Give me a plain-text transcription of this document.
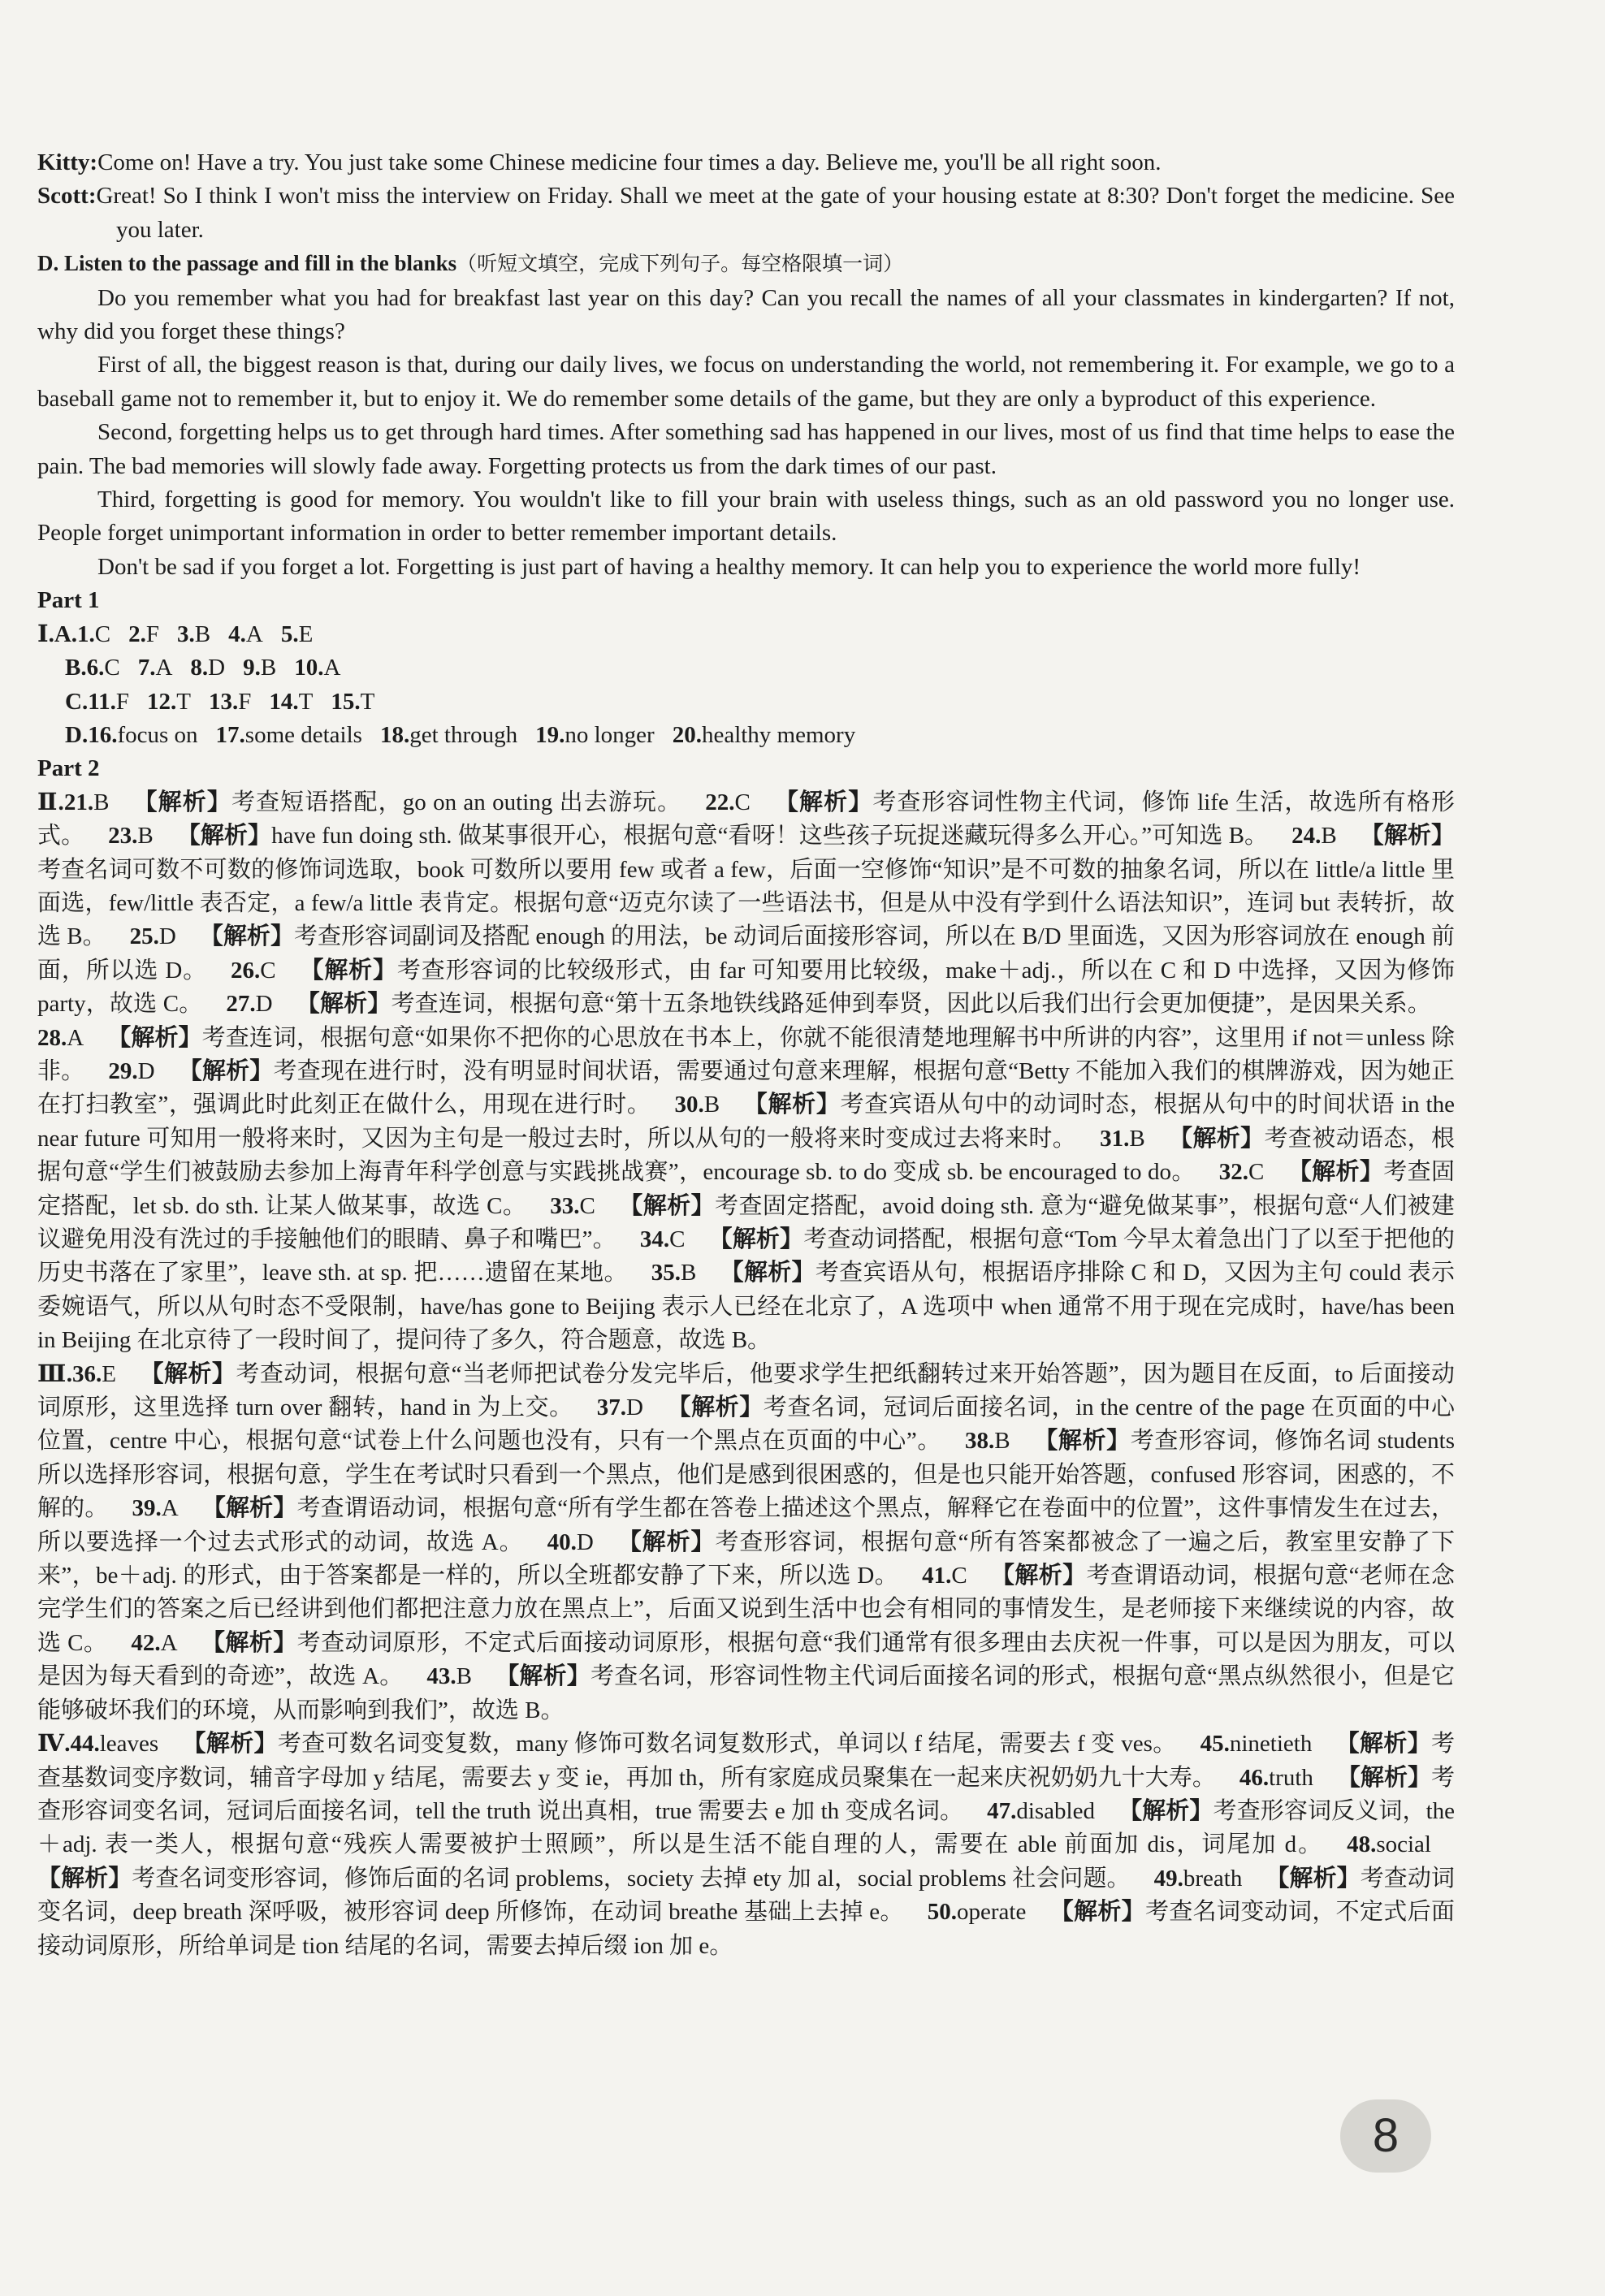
Kitty:Come on! Have a try. You just take some Chinese medicine four times a day. Believe me, you'll be all right soon.
Scott:Great! So I think I won't miss the interview on Friday. Shall we meet at the gate of your housing estate at 8:30? Don't forget the medicine. See you later.
D. Listen to the passage and fill in the blanks（听短文填空，完成下列句子。每空格限填一词）
Do you remember what you had for breakfast last year on this day? Can you recall the names of all your classmates in kindergarten? If not, why did you forget these things?
First of all, the biggest reason is that, during our daily lives, we focus on understanding the world, not remembering it. For example, we go to a baseball game not to remember it, but to enjoy it. We do remember some details of the game, but they are only a byproduct of this experience.
Second, forgetting helps us to get through hard times. After something sad has happened in our lives, most of us find that time helps to ease the pain. The bad memories will slowly fade away. Forgetting protects us from the dark times of our past.
Third, forgetting is good for memory. You wouldn't like to fill your brain with useless things, such as an old password you no longer use. People forget unimportant information in order to better remember important details.
Don't be sad if you forget a lot. Forgetting is just part of having a healthy memory. It can help you to experience the world more fully!
Part 1
Ⅰ.A.1.C 2.F 3.B 4.A 5.E
B.6.C 7.A 8.D 9.B 10.A
C.11.F 12.T 13.F 14.T 15.T
D.16.focus on 17.some details 18.get through 19.no longer 20.healthy memory
Part 2
Ⅱ.21.B  【解析】考查短语搭配，go on an outing 出去游玩。  22.C  【解析】考查形容词性物主代词，修饰 life 生活，故选所有格形式。  23.B  【解析】have fun doing sth. 做某事很开心，根据句意“看呀！这些孩子玩捉迷藏玩得多么开心。”可知选 B。  24.B  【解析】考查名词可数不可数的修饰词选取，book 可数所以要用 few 或者 a few，后面一空修饰“知识”是不可数的抽象名词，所以在 little/a little 里面选，few/little 表否定，a few/a little 表肯定。根据句意“迈克尔读了一些语法书，但是从中没有学到什么语法知识”，连词 but 表转折，故选 B。  25.D  【解析】考查形容词副词及搭配 enough 的用法，be 动词后面接形容词，所以在 B/D 里面选，又因为形容词放在 enough 前面，所以选 D。  26.C  【解析】考查形容词的比较级形式，由 far 可知要用比较级，make＋adj.，所以在 C 和 D 中选择，又因为修饰 party，故选 C。  27.D  【解析】考查连词，根据句意“第十五条地铁线路延伸到奉贤，因此以后我们出行会更加便捷”，是因果关系。 28.A  【解析】考查连词，根据句意“如果你不把你的心思放在书本上，你就不能很清楚地理解书中所讲的内容”，这里用 if not＝unless 除非。  29.D  【解析】考查现在进行时，没有明显时间状语，需要通过句意来理解，根据句意“Betty 不能加入我们的棋牌游戏，因为她正在打扫教室”，强调此时此刻正在做什么，用现在进行时。  30.B  【解析】考查宾语从句中的动词时态，根据从句中的时间状语 in the near future 可知用一般将来时，又因为主句是一般过去时，所以从句的一般将来时变成过去将来时。  31.B  【解析】考查被动语态，根据句意“学生们被鼓励去参加上海青年科学创意与实践挑战赛”，encourage sb. to do 变成 sb. be encouraged to do。  32.C  【解析】考查固定搭配，let sb. do sth. 让某人做某事，故选 C。  33.C  【解析】考查固定搭配，avoid doing sth. 意为“避免做某事”，根据句意“人们被建议避免用没有洗过的手接触他们的眼睛、鼻子和嘴巴”。  34.C  【解析】考查动词搭配，根据句意“Tom 今早太着急出门了以至于把他的历史书落在了家里”，leave sth. at sp. 把……遗留在某地。  35.B  【解析】考查宾语从句，根据语序排除 C 和 D，又因为主句 could 表示委婉语气，所以从句时态不受限制，have/has gone to Beijing 表示人已经在北京了，A 选项中 when 通常不用于现在完成时，have/has been in Beijing 在北京待了一段时间了，提问待了多久，符合题意，故选 B。
Ⅲ.36.E  【解析】考查动词，根据句意“当老师把试卷分发完毕后，他要求学生把纸翻转过来开始答题”，因为题目在反面，to 后面接动词原形，这里选择 turn over 翻转，hand in 为上交。  37.D  【解析】考查名词，冠词后面接名词，in the centre of the page 在页面的中心位置，centre 中心，根据句意“试卷上什么问题也没有，只有一个黑点在页面的中心”。  38.B  【解析】考查形容词，修饰名词 students 所以选择形容词，根据句意，学生在考试时只看到一个黑点，他们是感到很困惑的，但是也只能开始答题，confused 形容词，困惑的，不解的。  39.A  【解析】考查谓语动词，根据句意“所有学生都在答卷上描述这个黑点，解释它在卷面中的位置”，这件事情发生在过去，所以要选择一个过去式形式的动词，故选 A。  40.D  【解析】考查形容词，根据句意“所有答案都被念了一遍之后，教室里安静了下来”，be＋adj. 的形式，由于答案都是一样的，所以全班都安静了下来，所以选 D。  41.C  【解析】考查谓语动词，根据句意“老师在念完学生们的答案之后已经讲到他们都把注意力放在黑点上”，后面又说到生活中也会有相同的事情发生，是老师接下来继续说的内容，故选 C。  42.A  【解析】考查动词原形，不定式后面接动词原形，根据句意“我们通常有很多理由去庆祝一件事，可以是因为朋友，可以是因为每天看到的奇迹”，故选 A。  43.B  【解析】考查名词，形容词性物主代词后面接名词的形式，根据句意“黑点纵然很小，但是它能够破坏我们的环境，从而影响到我们”，故选 B。
Ⅳ.44.leaves  【解析】考查可数名词变复数，many 修饰可数名词复数形式，单词以 f 结尾，需要去 f 变 ves。  45.ninetieth  【解析】考查基数词变序数词，辅音字母加 y 结尾，需要去 y 变 ie，再加 th，所有家庭成员聚集在一起来庆祝奶奶九十大寿。  46.truth  【解析】考查形容词变名词，冠词后面接名词，tell the truth 说出真相，true 需要去 e 加 th 变成名词。  47.disabled  【解析】考查形容词反义词，the＋adj. 表一类人，根据句意“残疾人需要被护士照顾”，所以是生活不能自理的人，需要在 able 前面加 dis，词尾加 d。  48.social 【解析】考查名词变形容词，修饰后面的名词 problems，society 去掉 ety 加 al，social problems 社会问题。  49.breath  【解析】考查动词变名词，deep breath 深呼吸，被形容词 deep 所修饰，在动词 breathe 基础上去掉 e。  50.operate  【解析】考查名词变动词，不定式后面接动词原形，所给单词是 tion 结尾的名词，需要去掉后缀 ion 加 e。
8
